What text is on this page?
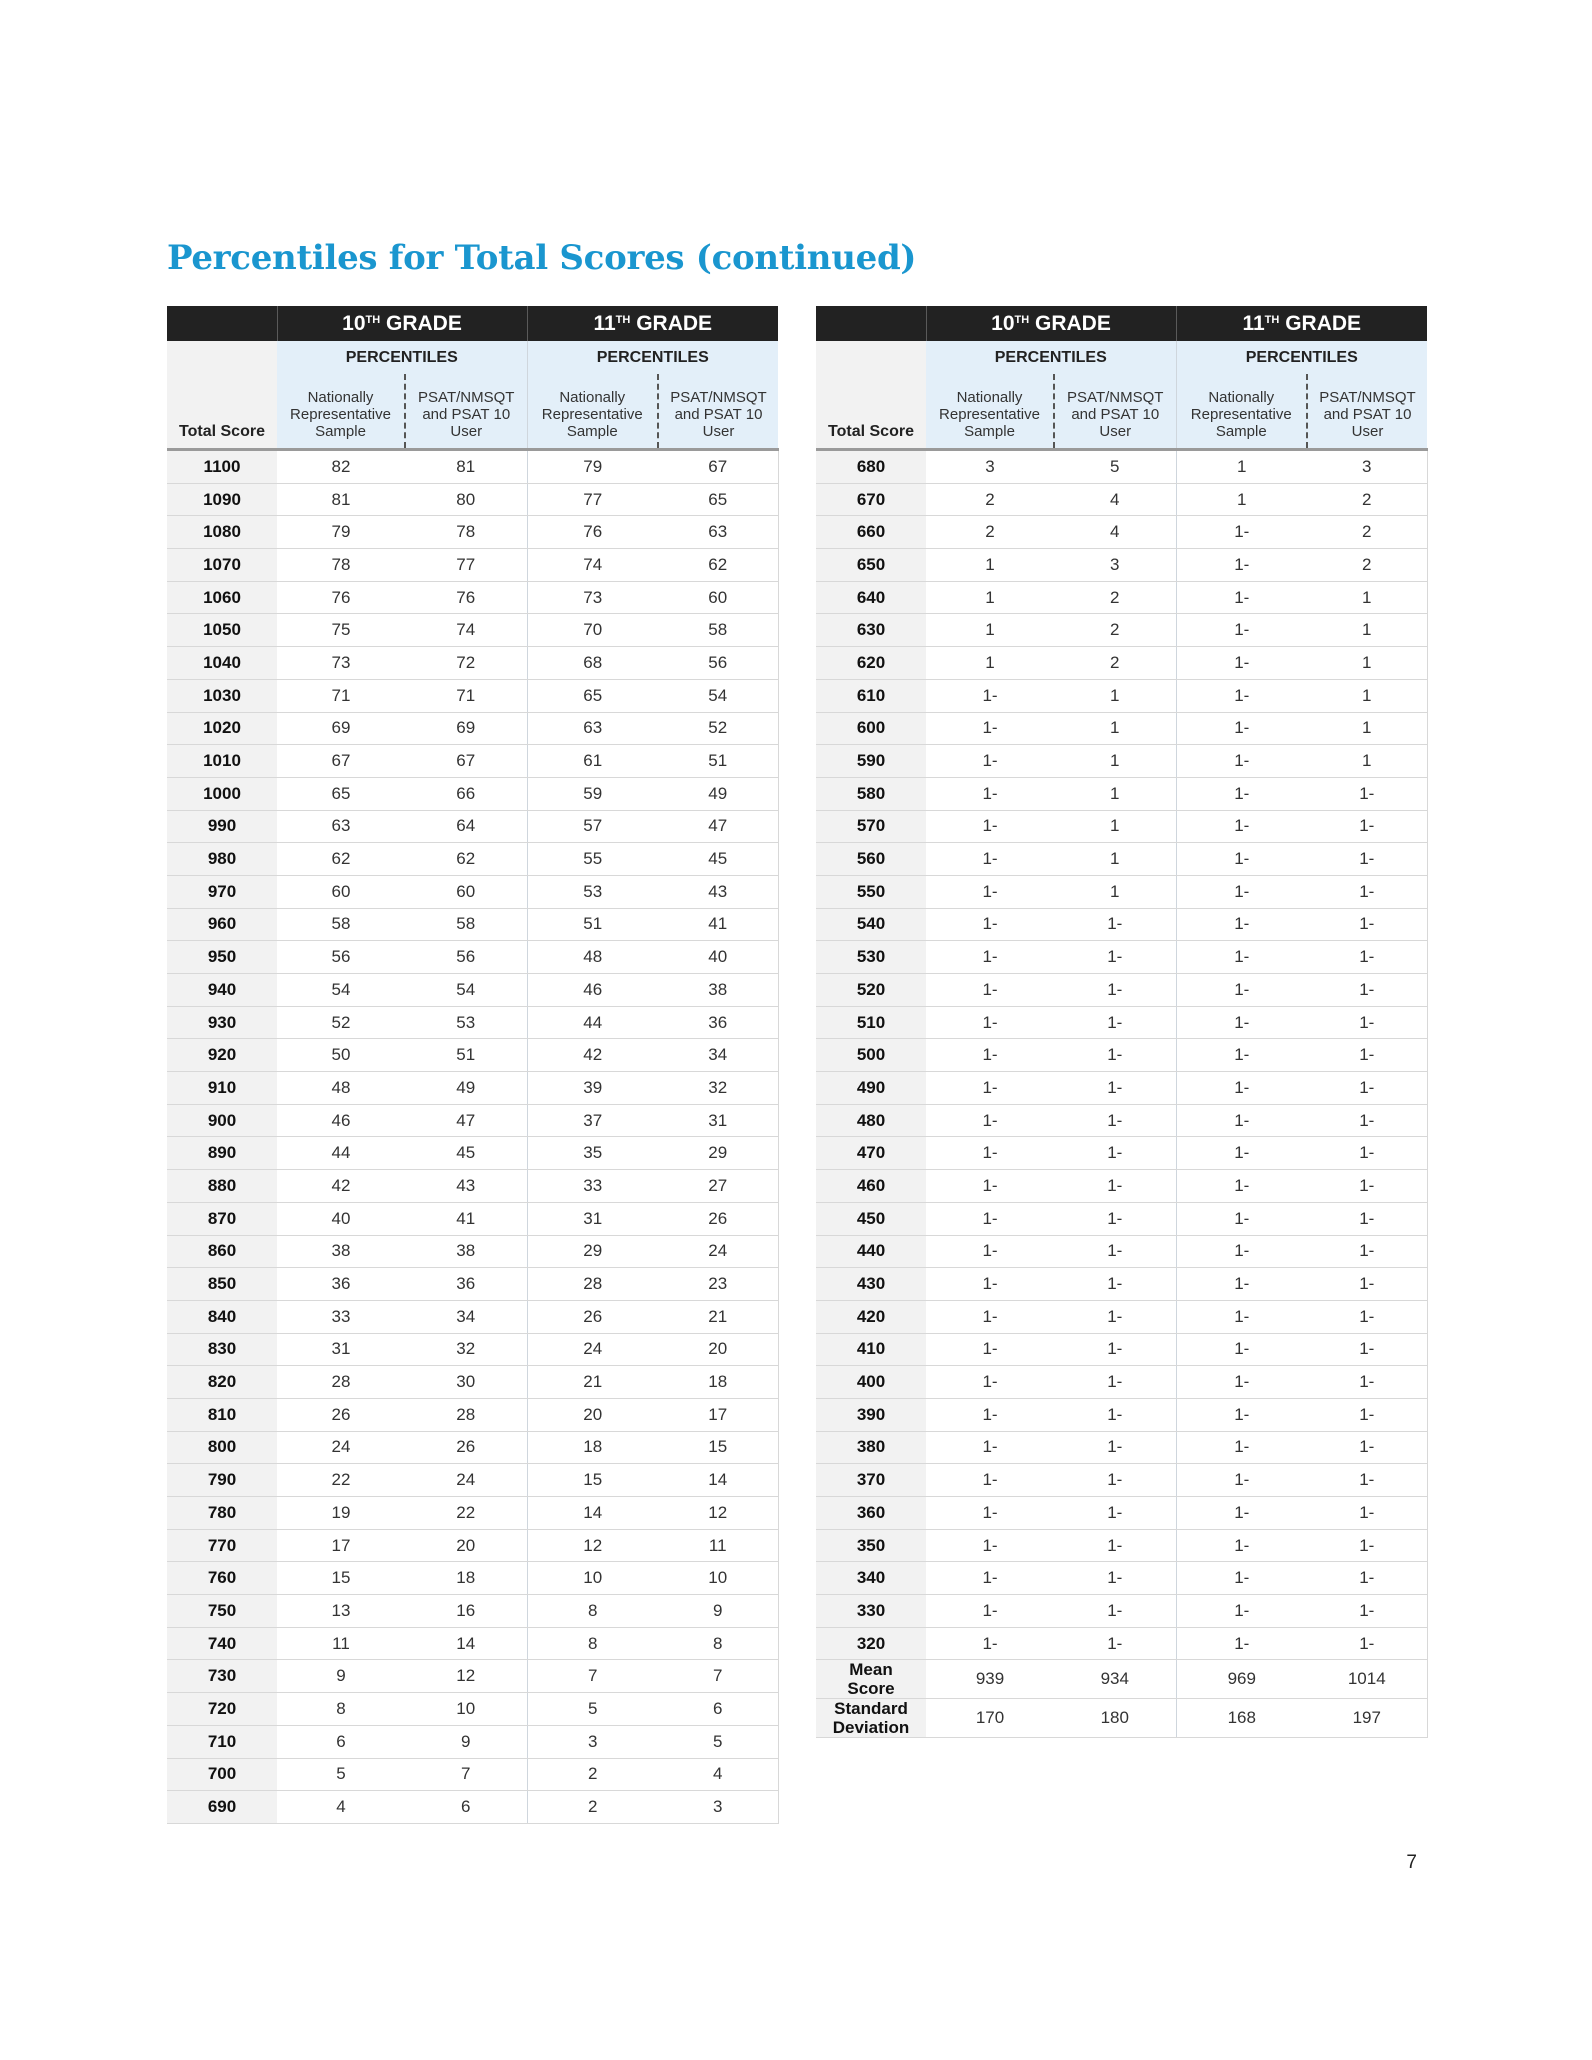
Percentiles for Total Scores (continued)
	10TH GRADE		11TH GRADE	
	PERCENTILES		PERCENTILES	
Total Score	Nationally
Representative
Sample	PSAT/NMSQT
and PSAT 10
User	Nationally
Representative
Sample	PSAT/NMSQT
and PSAT 10
User
1100	82	81	79	67
1090	81	80	77	65
1080	79	78	76	63
1070	78	77	74	62
1060	76	76	73	60
1050	75	74	70	58
1040	73	72	68	56
1030	71	71	65	54
1020	69	69	63	52
1010	67	67	61	51
1000	65	66	59	49
990	63	64	57	47
980	62	62	55	45
970	60	60	53	43
960	58	58	51	41
950	56	56	48	40
940	54	54	46	38
930	52	53	44	36
920	50	51	42	34
910	48	49	39	32
900	46	47	37	31
890	44	45	35	29
880	42	43	33	27
870	40	41	31	26
860	38	38	29	24
850	36	36	28	23
840	33	34	26	21
830	31	32	24	20
820	28	30	21	18
810	26	28	20	17
800	24	26	18	15
790	22	24	15	14
780	19	22	14	12
770	17	20	12	11
760	15	18	10	10
750	13	16	8	9
740	11	14	8	8
730	9	12	7	7
720	8	10	5	6
710	6	9	3	5
700	5	7	2	4
690	4	6	2	3
	10TH GRADE		11TH GRADE	
	PERCENTILES		PERCENTILES	
Total Score	Nationally
Representative
Sample	PSAT/NMSQT
and PSAT 10
User	Nationally
Representative
Sample	PSAT/NMSQT
and PSAT 10
User
680	3	5	1	3
670	2	4	1	2
660	2	4	1-	2
650	1	3	1-	2
640	1	2	1-	1
630	1	2	1-	1
620	1	2	1-	1
610	1-	1	1-	1
600	1-	1	1-	1
590	1-	1	1-	1
580	1-	1	1-	1-
570	1-	1	1-	1-
560	1-	1	1-	1-
550	1-	1	1-	1-
540	1-	1-	1-	1-
530	1-	1-	1-	1-
520	1-	1-	1-	1-
510	1-	1-	1-	1-
500	1-	1-	1-	1-
490	1-	1-	1-	1-
480	1-	1-	1-	1-
470	1-	1-	1-	1-
460	1-	1-	1-	1-
450	1-	1-	1-	1-
440	1-	1-	1-	1-
430	1-	1-	1-	1-
420	1-	1-	1-	1-
410	1-	1-	1-	1-
400	1-	1-	1-	1-
390	1-	1-	1-	1-
380	1-	1-	1-	1-
370	1-	1-	1-	1-
360	1-	1-	1-	1-
350	1-	1-	1-	1-
340	1-	1-	1-	1-
330	1-	1-	1-	1-
320	1-	1-	1-	1-
Mean
Score	939	934	969	1014
Standard
Deviation	170	180	168	197
7
